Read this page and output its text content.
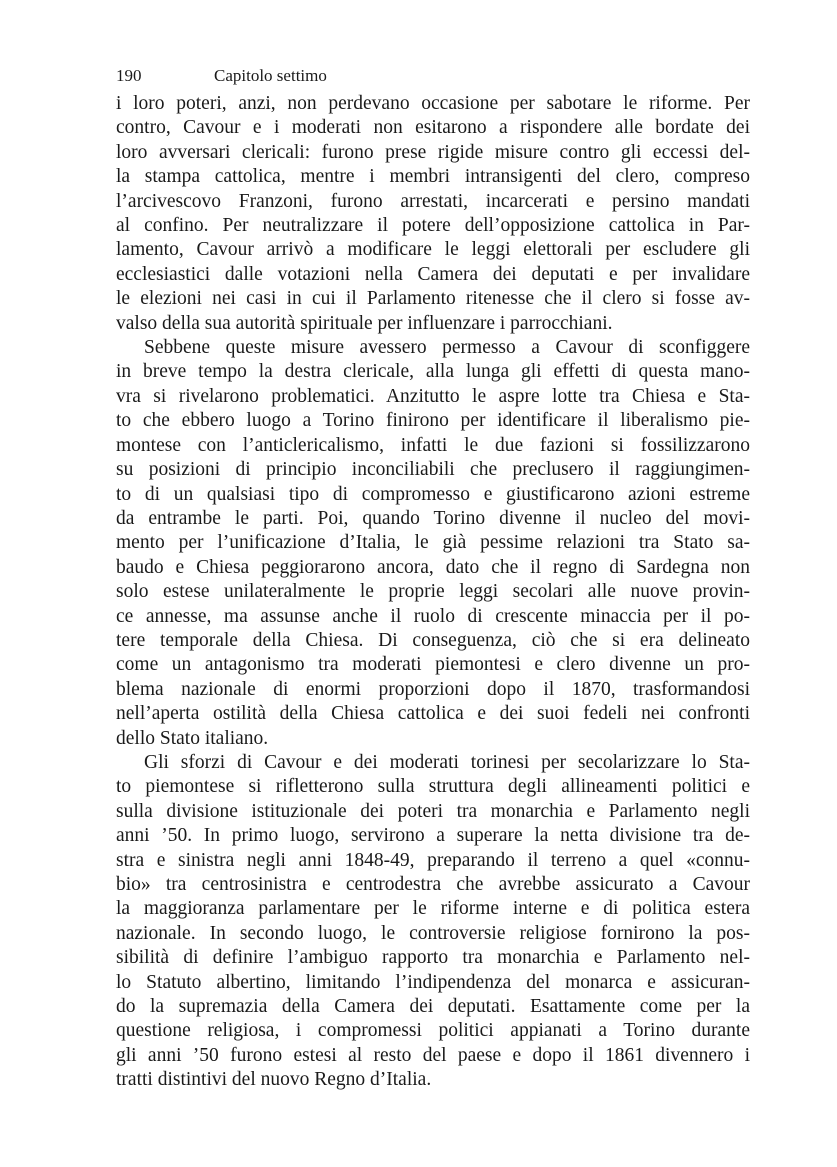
190	Capitolo settimo

i loro poteri, anzi, non perdevano occasione per sabotare le riforme. Per
contro, Cavour e i moderati non esitarono a rispondere alle bordate dei
loro avversari clericali: furono prese rigide misure contro gli eccessi del-
la stampa cattolica, mentre i membri intransigenti del clero, compreso
l’arcivescovo Franzoni, furono arrestati, incarcerati e persino mandati
al confino. Per neutralizzare il potere dell’opposizione cattolica in Par-
lamento, Cavour arrivò a modificare le leggi elettorali per escludere gli
ecclesiastici dalle votazioni nella Camera dei deputati e per invalidare
le elezioni nei casi in cui il Parlamento ritenesse che il clero si fosse av-
valso della sua autorità spirituale per influenzare i parrocchiani.

Sebbene queste misure avessero permesso a Cavour di sconfiggere
in breve tempo la destra clericale, alla lunga gli effetti di questa mano-
vra si rivelarono problematici. Anzitutto le aspre lotte tra Chiesa e Sta-
to che ebbero luogo a Torino finirono per identificare il liberalismo pie-
montese con l’anticlericalismo, infatti le due fazioni si fossilizzarono
su posizioni di principio inconciliabili che preclusero il raggiungimen-
to di un qualsiasi tipo di compromesso e giustificarono azioni estreme
da entrambe le parti. Poi, quando Torino divenne il nucleo del movi-
mento per l’unificazione d’Italia, le già pessime relazioni tra Stato sa-
baudo e Chiesa peggiorarono ancora, dato che il regno di Sardegna non
solo estese unilateralmente le proprie leggi secolari alle nuove provin-
ce annesse, ma assunse anche il ruolo di crescente minaccia per il po-
tere temporale della Chiesa. Di conseguenza, ciò che si era delineato
come un antagonismo tra moderati piemontesi e clero divenne un pro-
blema nazionale di enormi proporzioni dopo il 1870, trasformandosi
nell’aperta ostilità della Chiesa cattolica e dei suoi fedeli nei confronti
dello Stato italiano.

Gli sforzi di Cavour e dei moderati torinesi per secolarizzare lo Sta-
to piemontese si rifletterono sulla struttura degli allineamenti politici e
sulla divisione istituzionale dei poteri tra monarchia e Parlamento negli
anni ’50. In primo luogo, servirono a superare la netta divisione tra de-
stra e sinistra negli anni 1848-49, preparando il terreno a quel «connu-
bio» tra centrosinistra e centrodestra che avrebbe assicurato a Cavour
la maggioranza parlamentare per le riforme interne e di politica estera
nazionale. In secondo luogo, le controversie religiose fornirono la pos-
sibilità di definire l’ambiguo rapporto tra monarchia e Parlamento nel-
lo Statuto albertino, limitando l’indipendenza del monarca e assicuran-
do la supremazia della Camera dei deputati. Esattamente come per la
questione religiosa, i compromessi politici appianati a Torino durante
gli anni ’50 furono estesi al resto del paese e dopo il 1861 divennero i
tratti distintivi del nuovo Regno d’Italia.
